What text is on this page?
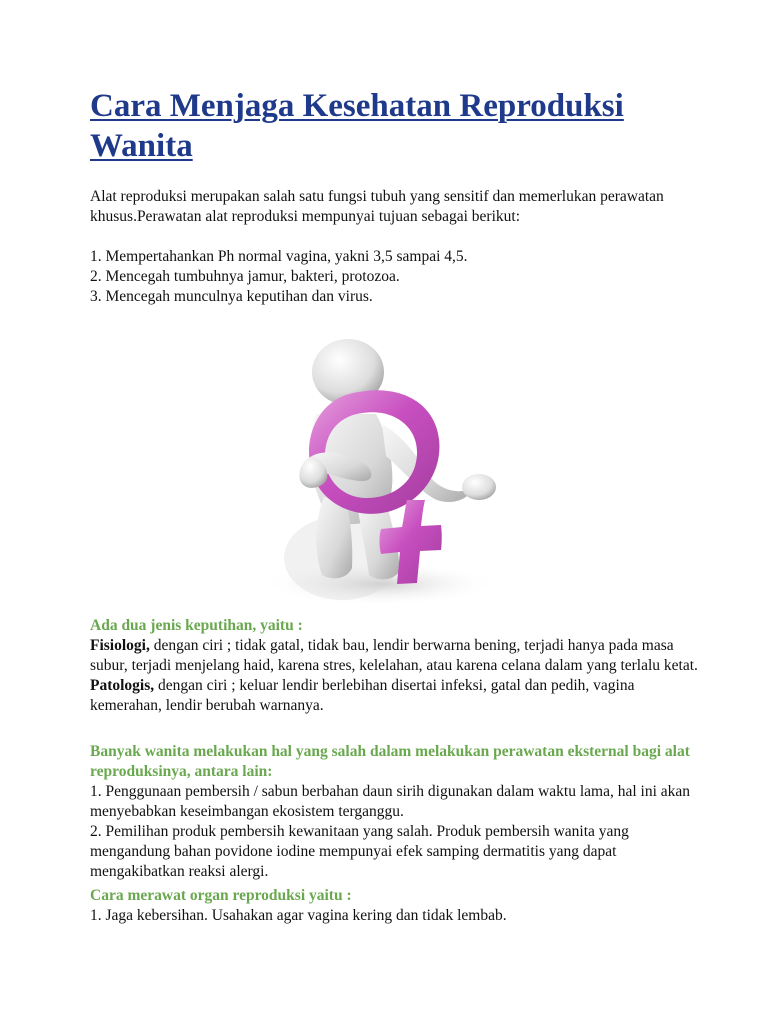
Cara Menjaga Kesehatan Reproduksi Wanita
Alat reproduksi merupakan salah satu fungsi tubuh yang sensitif dan memerlukan perawatan khusus.Perawatan alat reproduksi mempunyai tujuan sebagai berikut:
1. Mempertahankan Ph normal vagina, yakni 3,5 sampai 4,5.
2. Mencegah tumbuhnya jamur, bakteri, protozoa.
3. Mencegah munculnya keputihan dan virus.
Ada dua jenis keputihan, yaitu :
Fisiologi, dengan ciri ; tidak gatal, tidak bau, lendir berwarna bening, terjadi hanya pada masa subur, terjadi menjelang haid, karena stres, kelelahan, atau karena celana dalam yang terlalu ketat.
Patologis, dengan ciri ; keluar lendir berlebihan disertai infeksi, gatal dan pedih, vagina kemerahan, lendir berubah warnanya.
Banyak wanita melakukan hal yang salah dalam melakukan perawatan eksternal bagi alat reproduksinya, antara lain:
1. Penggunaan pembersih / sabun berbahan daun sirih digunakan dalam waktu lama, hal ini akan menyebabkan keseimbangan ekosistem terganggu.
2. Pemilihan produk pembersih kewanitaan yang salah. Produk pembersih wanita yang mengandung bahan povidone iodine mempunyai efek samping dermatitis yang dapat mengakibatkan reaksi alergi.
Cara merawat organ reproduksi yaitu :
1. Jaga kebersihan. Usahakan agar vagina kering dan tidak lembab.
